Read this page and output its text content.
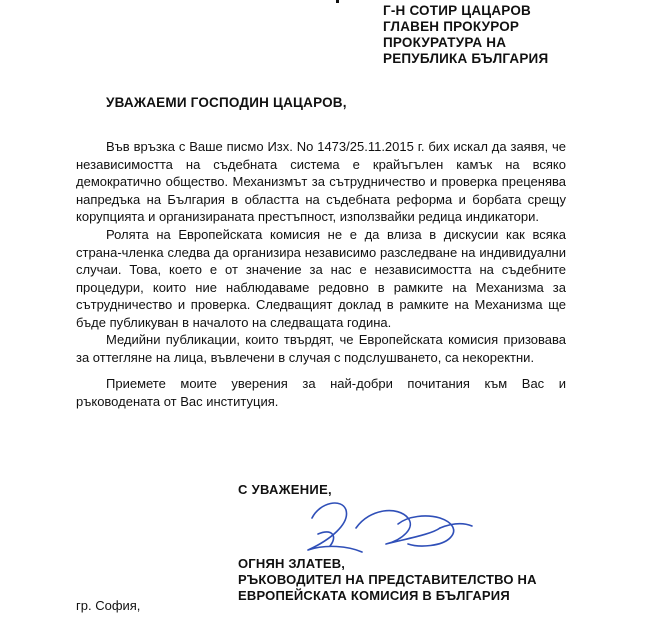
Г-Н СОТИР ЦАЦАРОВ
ГЛАВЕН ПРОКУРОР
ПРОКУРАТУРА НА
РЕПУБЛИКА БЪЛГАРИЯ
УВАЖАЕМИ ГОСПОДИН ЦАЦАРОВ,

Във връзка с Ваше писмо Изх. No 1473/25.11.2015 г. бих искал да заявя, че независимостта на съдебната система е крайъгълен камък на всяко демократично общество. Механизмът за сътрудничество и проверка преценява напредъка на България в областта на съдебната реформа и борбата срещу корупцията и организираната престъпност, използвайки редица индикатори.

Ролята на Европейската комисия не е да влиза в дискусии как всяка страна-членка следва да организира независимо разследване на индивидуални случаи. Това, което е от значение за нас е независимостта на съдебните процедури, които ние наблюдаваме редовно в рамките на Механизма за сътрудничество и проверка. Следващият доклад в рамките на Механизма ще бъде публикуван в началото на следващата година.

Медийни публикации, които твърдят, че Европейската комисия призовава за оттегляне на лица, въвлечени в случая с подслушването, са некоректни.

Приемете моите уверения за най-добри почитания към Вас и ръководената от Вас институция.

С УВАЖЕНИЕ,
ОГНЯН ЗЛАТЕВ,
РЪКОВОДИТЕЛ НА ПРЕДСТАВИТЕЛСТВО НА
ЕВРОПЕЙСКАТА КОМИСИЯ В БЪЛГАРИЯ
гр. София,
